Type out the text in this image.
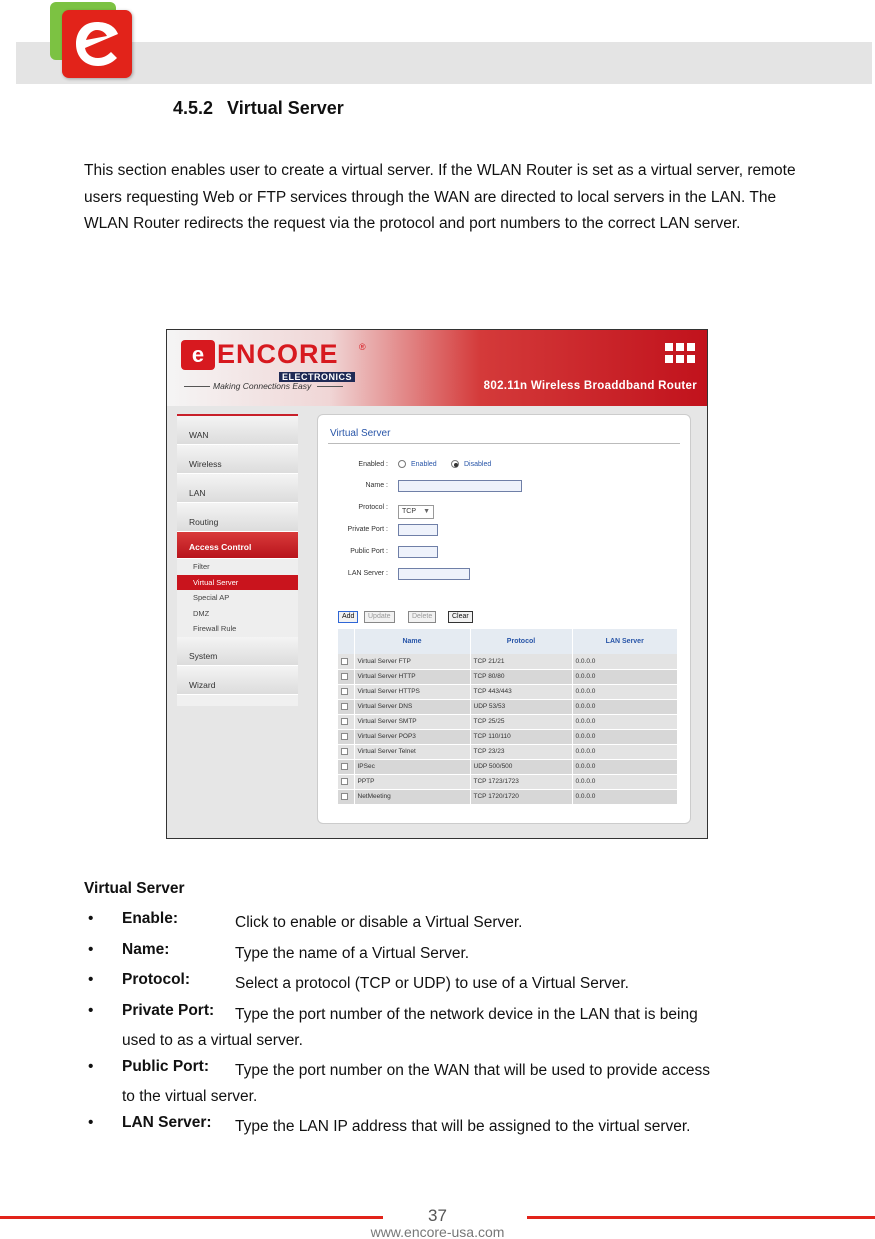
4.5.2 Virtual Server

This section enables user to create a virtual server. If the WLAN Router is set as a virtual server, remote users requesting Web or FTP services through the WAN are directed to local servers in the LAN. The WLAN Router redirects the request via the protocol and port numbers to the correct LAN server.

e ENCORE ®
ELECTRONICS
Making Connections Easy	802.11n Wireless Broaddband Router
WAN
Wireless
LAN
Routing
Access Control
Filter
Virtual Server
Special AP
DMZ
Firewall Rule
System
Wizard
Virtual Server
Enabled :	Enabled	Disabled
Name :
Protocol :
TCP ▼
Private Port :
Public Port :
LAN Server :
Add	Update	Delete	Clear
	Name	Protocol	LAN Server
	Virtual Server FTP	TCP 21/21	0.0.0.0
	Virtual Server HTTP	TCP 80/80	0.0.0.0
	Virtual Server HTTPS	TCP 443/443	0.0.0.0
	Virtual Server DNS	UDP 53/53	0.0.0.0
	Virtual Server SMTP	TCP 25/25	0.0.0.0
	Virtual Server POP3	TCP 110/110	0.0.0.0
	Virtual Server Telnet	TCP 23/23	0.0.0.0
	IPSec	UDP 500/500	0.0.0.0
	PPTP	TCP 1723/1723	0.0.0.0
	NetMeeting	TCP 1720/1720	0.0.0.0
Virtual Server
• Enable:	Click to enable or disable a Virtual Server.
• Name:	Type the name of a Virtual Server.
• Protocol:	Select a protocol (TCP or UDP) to use of a Virtual Server.
• Private Port: Type the port number of the network device in the LAN that is being
used to as a virtual server.
• Public Port: Type the port number on the WAN that will be used to provide access
to the virtual server.
• LAN Server: Type the LAN IP address that will be assigned to the virtual server.
37
www.encore-usa.com
